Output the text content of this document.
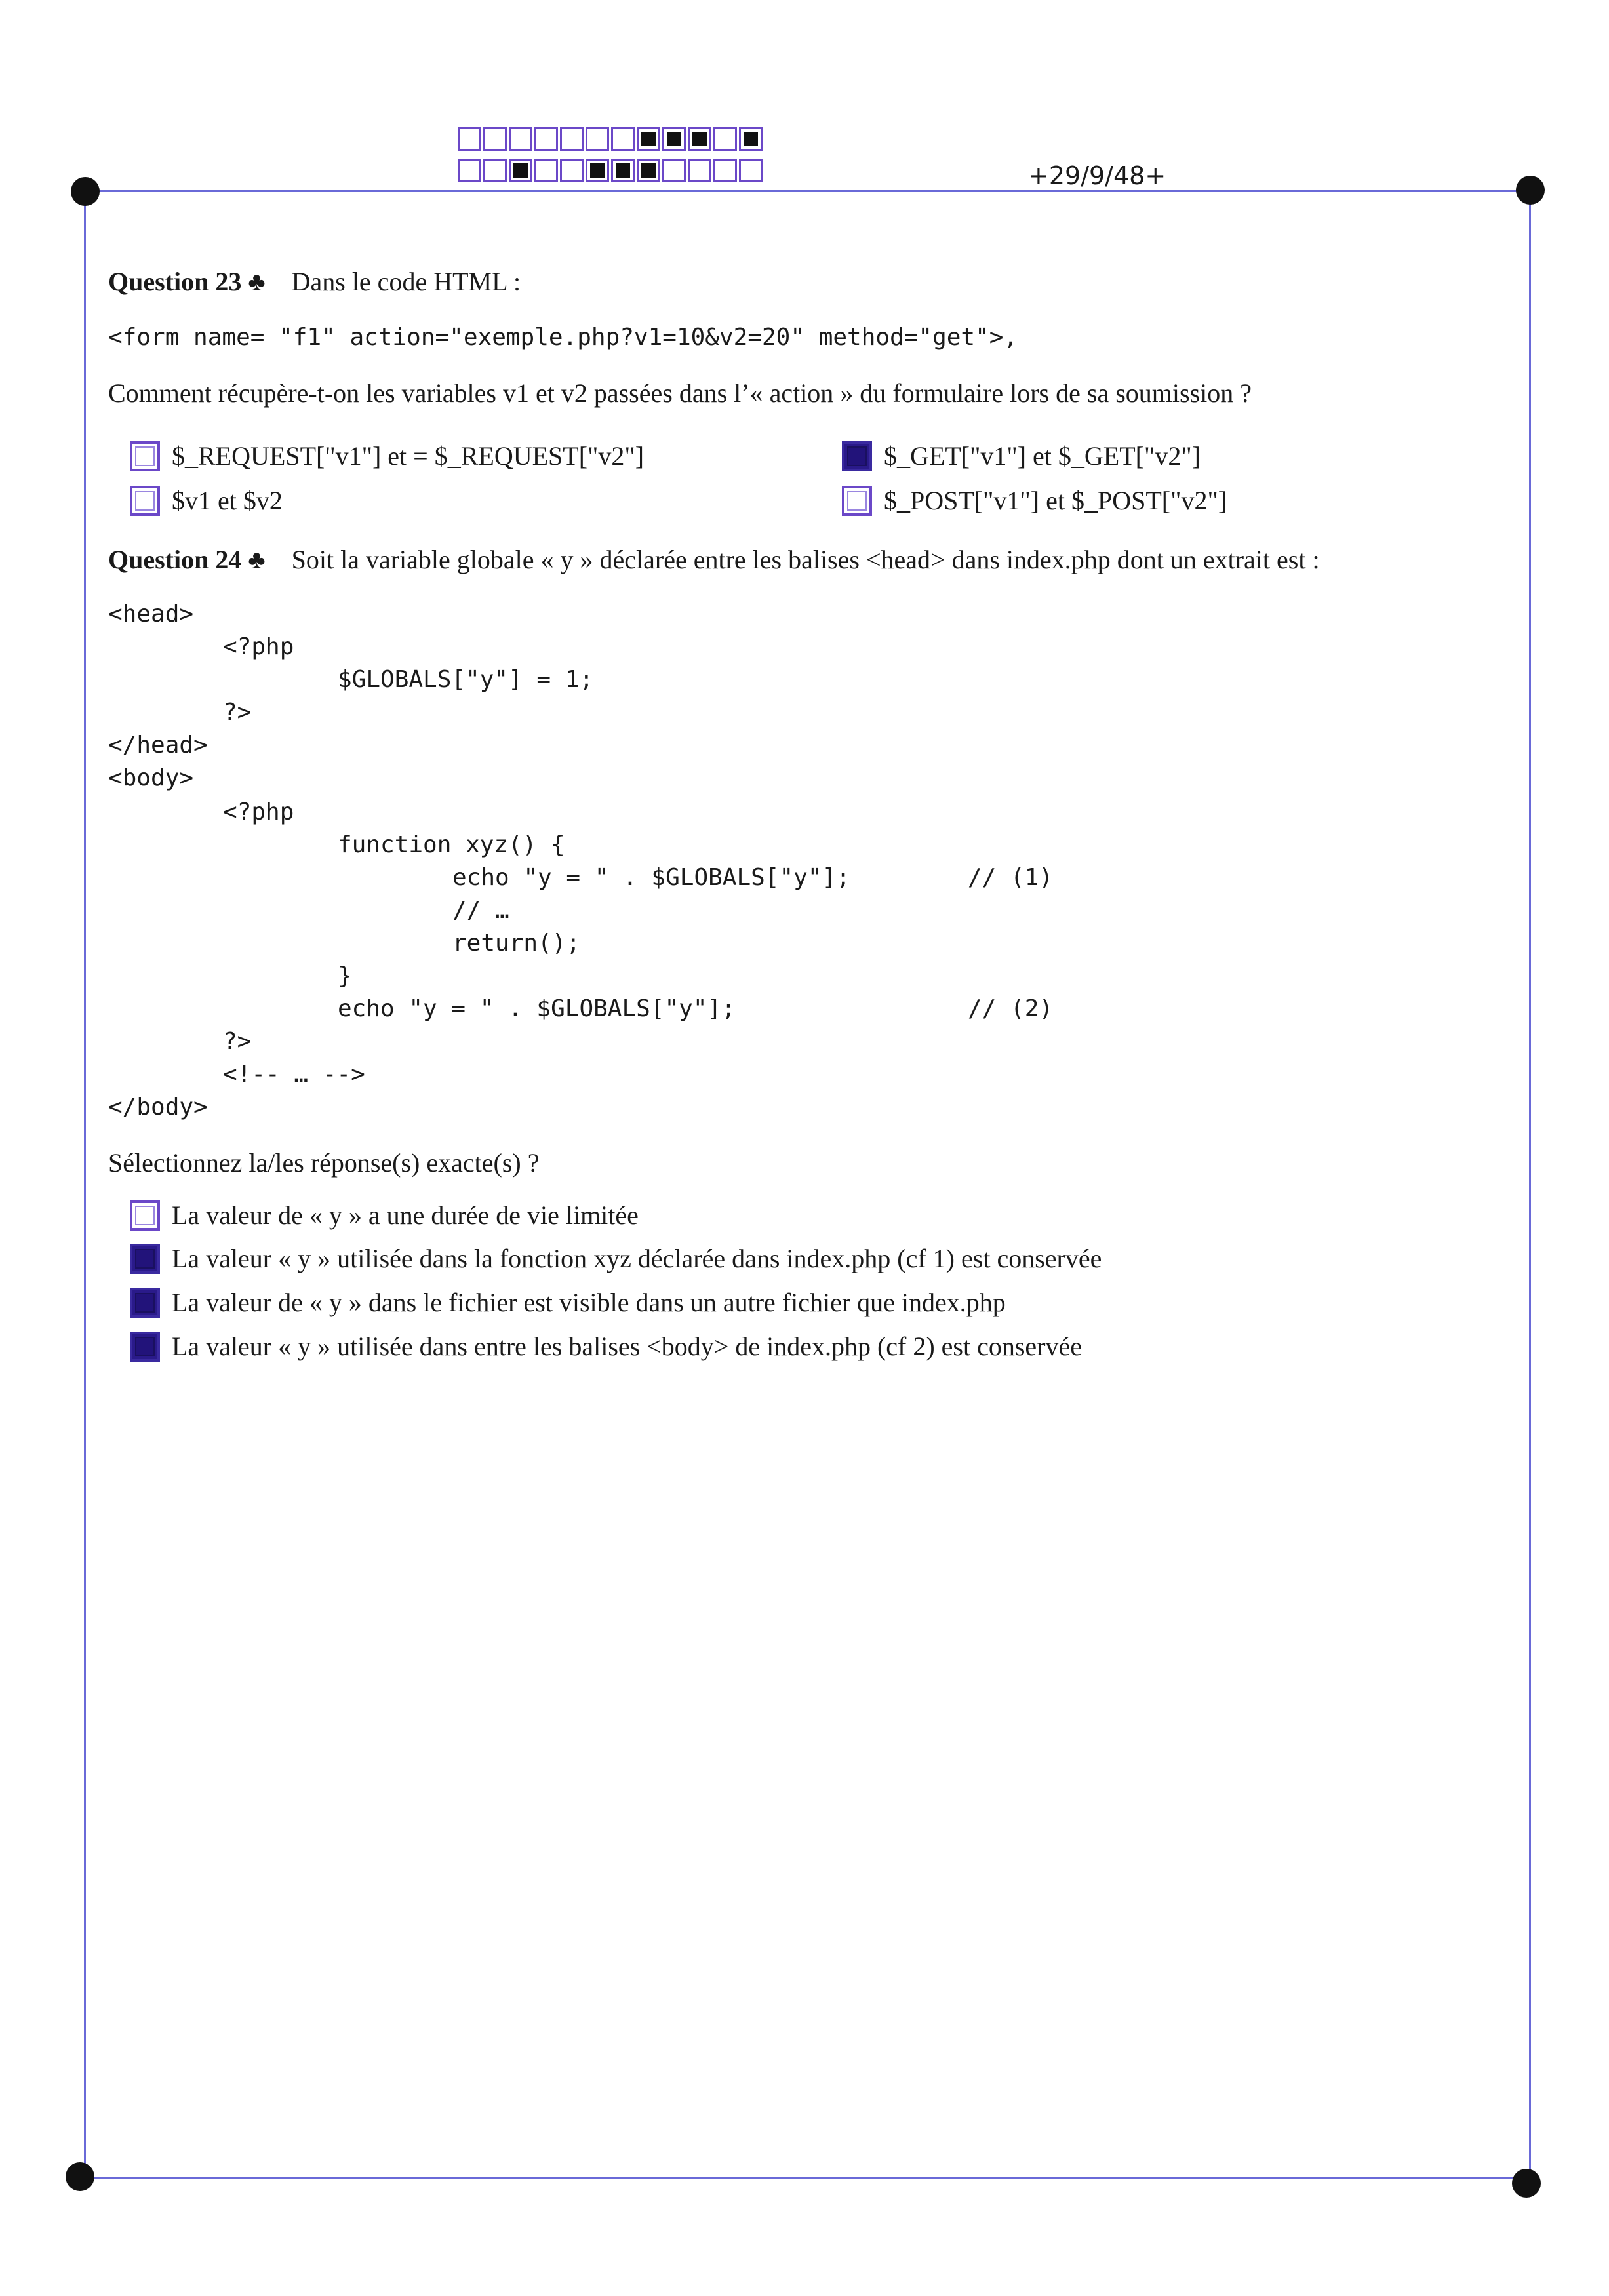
+29/9/48+
Question 23 ♣ Dans le code HTML :
<form name= "f1" action="exemple.php?v1=10&v2=20" method="get">,
Comment récupère-t-on les variables v1 et v2 passées dans l’« action » du formulaire lors de sa soumission ?
$_REQUEST["v1"] et = $_REQUEST["v2"]	$_GET["v1"] et $_GET["v2"]
$v1 et $v2	$_POST["v1"] et $_POST["v2"]
Question 24 ♣ Soit la variable globale « y » déclarée entre les balises <head> dans index.php dont un extrait est :
<head>
<?php
$GLOBALS["y"] = 1;
?>
</head>
<body>
<?php
function xyz() {
echo "y = " . $GLOBALS["y"];	// (1)
// …
return();
}
echo "y = " . $GLOBALS["y"];	// (2)
?>
<!-- … -->
</body>
Sélectionnez la/les réponse(s) exacte(s) ?
La valeur de « y » a une durée de vie limitée
La valeur « y » utilisée dans la fonction xyz déclarée dans index.php (cf 1) est conservée
La valeur de « y » dans le fichier est visible dans un autre fichier que index.php
La valeur « y » utilisée dans entre les balises <body> de index.php (cf 2) est conservée
